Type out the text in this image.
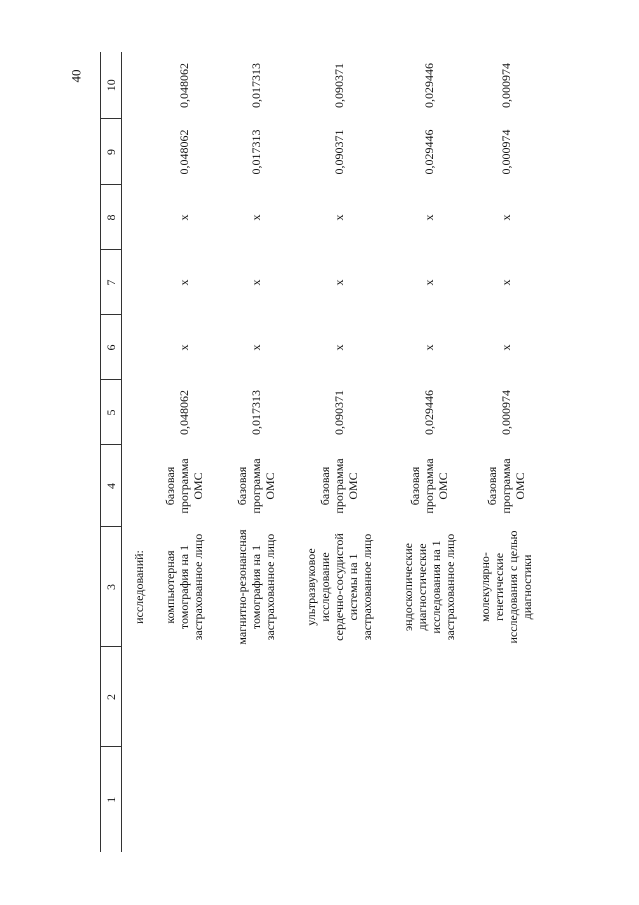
40
1	2	3	4	5	6	7	8	9	10
		исследований:							
		компьютерная томография на 1 застрахованное лицо	базовая программа ОМС	0,048062	x	x	x	0,048062	0,048062
		магнитно-резонансная томография на 1 застрахованное лицо	базовая программа ОМС	0,017313	x	x	x	0,017313	0,017313
		ультразвуковое исследование сердечно-сосудистой системы на 1 застрахованное лицо	базовая программа ОМС	0,090371	x	x	x	0,090371	0,090371
		эндоскопические диагностические исследования на 1 застрахованное лицо	базовая программа ОМС	0,029446	x	x	x	0,029446	0,029446
		молекулярно-генетические исследования с целью диагностики	базовая программа ОМС	0,000974	x	x	x	0,000974	0,000974
